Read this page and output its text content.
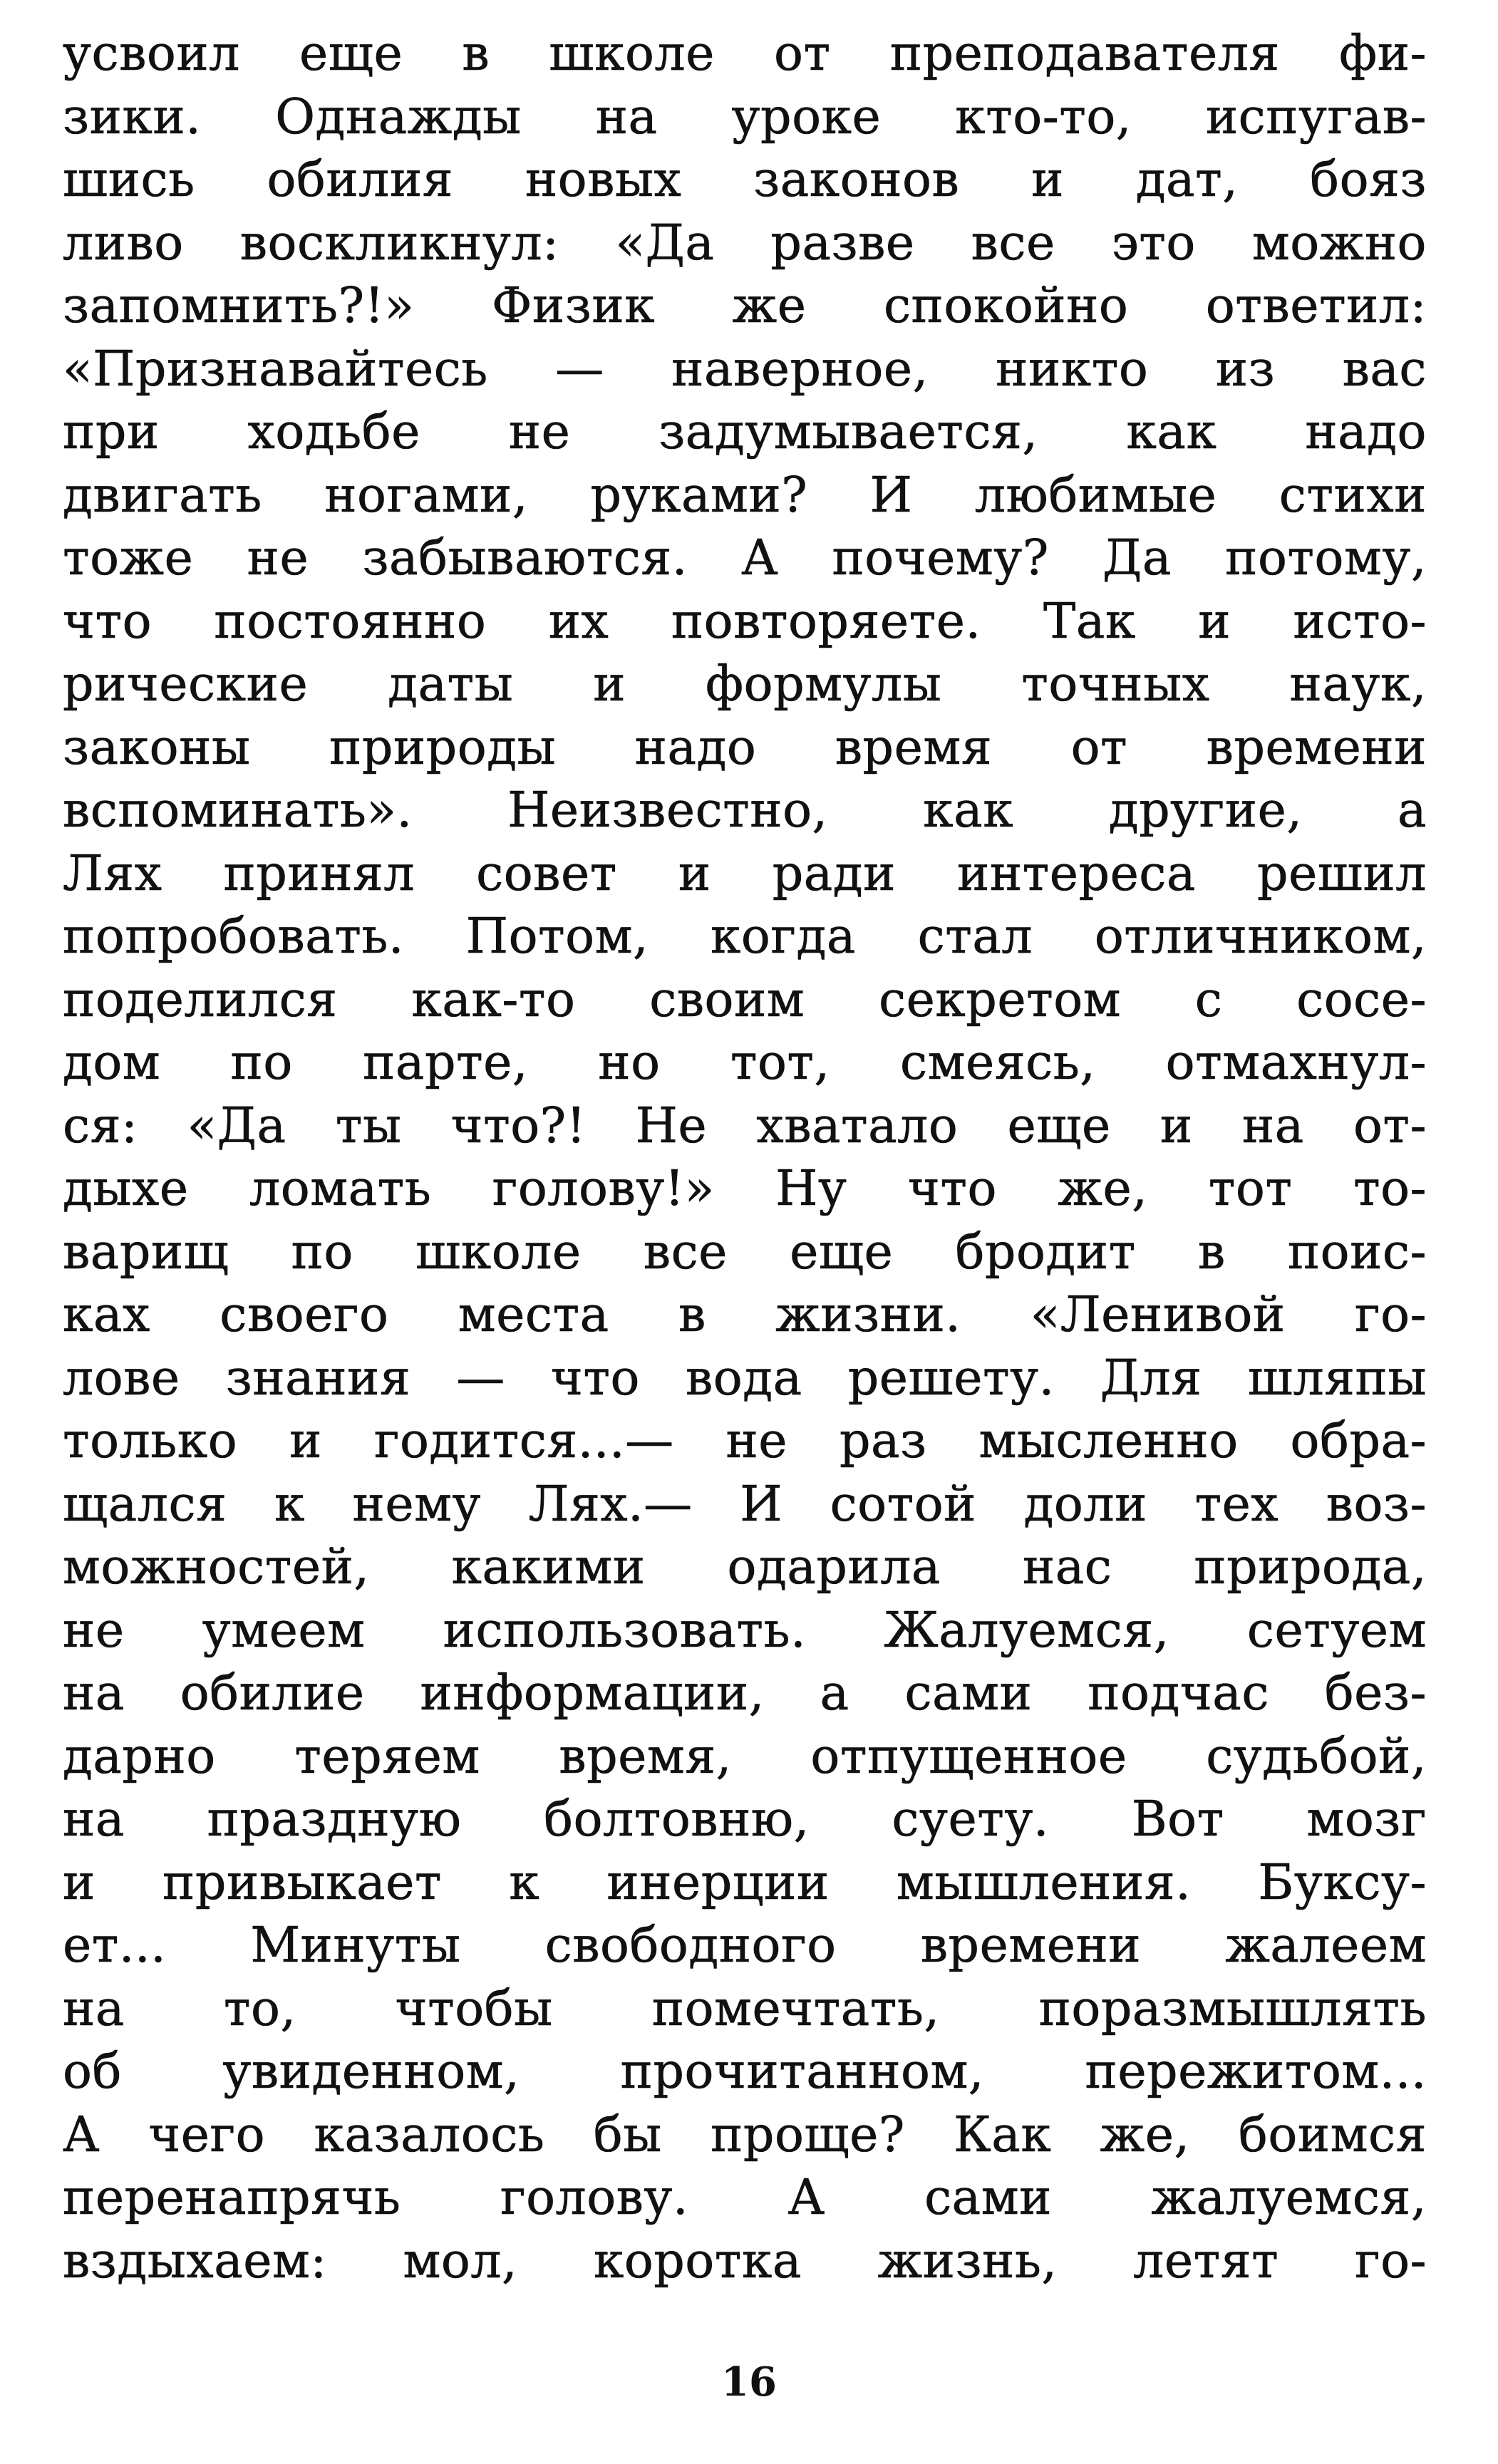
усвоил еще в школе от преподавателя фи-
зики. Однажды на уроке кто-то, испугав-
шись обилия новых законов и дат, бояз
ливо воскликнул: «Да разве все это можно
запомнить?!» Физик же спокойно ответил:
«Признавайтесь — наверное, никто из вас
при ходьбе не задумывается, как надо
двигать ногами, руками? И любимые стихи
тоже не забываются. А почему? Да потому,
что постоянно их повторяете. Так и исто-
рические даты и формулы точных наук,
законы природы надо время от времени
вспоминать». Неизвестно, как другие, а
Лях принял совет и ради интереса решил
попробовать. Потом, когда стал отличником,
поделился как-то своим секретом с сосе-
дом по парте, но тот, смеясь, отмахнул-
ся: «Да ты что?! Не хватало еще и на от-
дыхе ломать голову!» Ну что же, тот то-
варищ по школе все еще бродит в поис-
ках своего места в жизни. «Ленивой го-
лове знания — что вода решету. Для шляпы
только и годится...— не раз мысленно обра-
щался к нему Лях.— И сотой доли тех воз-
можностей, какими одарила нас природа,
не умеем использовать. Жалуемся, сетуем
на обилие информации, а сами подчас без-
дарно теряем время, отпущенное судьбой,
на праздную болтовню, суету. Вот мозг
и привыкает к инерции мышления. Буксу-
ет... Минуты свободного времени жалеем
на то, чтобы помечтать, поразмышлять
об увиденном, прочитанном, пережитом...
А чего казалось бы проще? Как же, боимся
перенапрячь голову. А сами жалуемся,
вздыхаем: мол, коротка жизнь, летят го-
16
